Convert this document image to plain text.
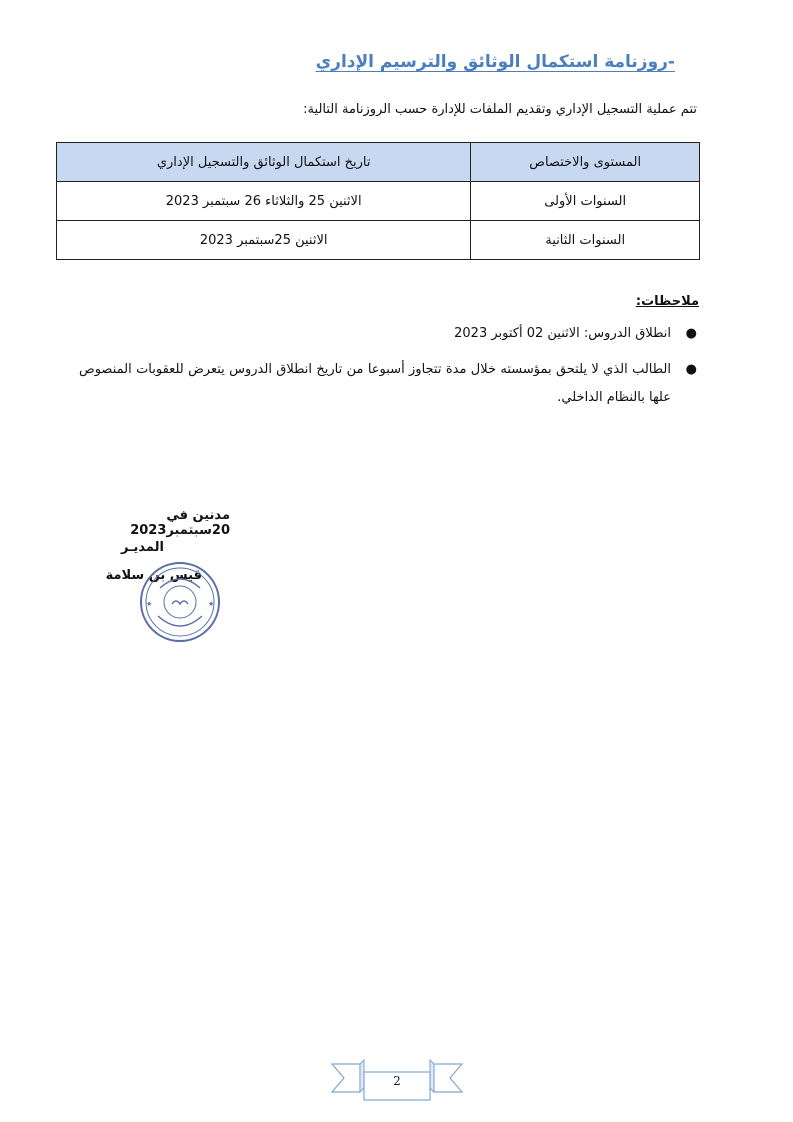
-روزنامة استكمال الوثائق والترسيم الإداري
تتم عملية التسجيل الإداري وتقديم الملفات للإدارة حسب الروزنامة التالية:
المستوى والاختصاص	تاريخ استكمال الوثائق والتسجيل الإداري
السنوات الأولى	الاثنين 25 والثلاثاء 26 سبتمبر 2023
السنوات الثانية	الاثنين 25سبتمبر 2023
ملاحظات:
●
انطلاق الدروس: الاثنين 02 أكتوبر 2023
●
الطالب الذي لا يلتحق بمؤسسته خلال مدة تتجاوز أسبوعا من تاريخ انطلاق الدروس يتعرض للعقوبات المنصوص علها بالنظام الداخلي.
مدنين في 20سبتمبر2023
المديـر
قيس بن سلامة
★	★
2
